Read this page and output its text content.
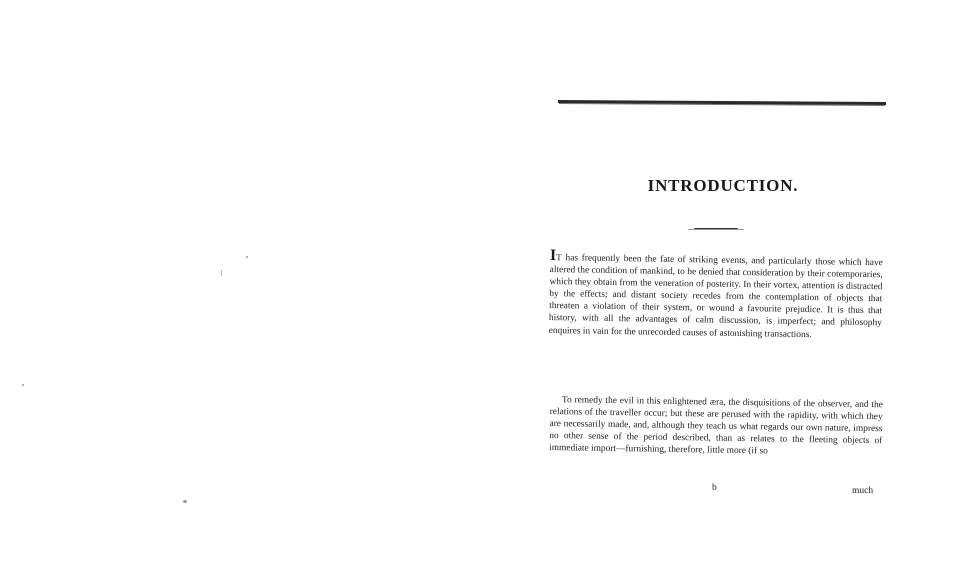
INTRODUCTION.
IT has frequently been the fate of striking events, and particularly those which have altered the condition of mankind, to be denied that consideration by their cotemporaries, which they obtain from the veneration of posterity. In their vortex, attention is distracted by the effects; and distant society recedes from the contemplation of objects that threaten a violation of their system, or wound a favourite prejudice. It is thus that history, with all the advantages of calm discussion, is imperfect; and philosophy enquires in vain for the unrecorded causes of astonishing transactions.
To remedy the evil in this enlightened æra, the disquisitions of the observer, and the relations of the traveller occur; but these are perused with the rapidity, with which they are necessarily made, and, although they teach us what regards our own nature, impress no other sense of the period described, than as relates to the fleeting objects of immediate import—furnishing, therefore, little more (if so
b	much
